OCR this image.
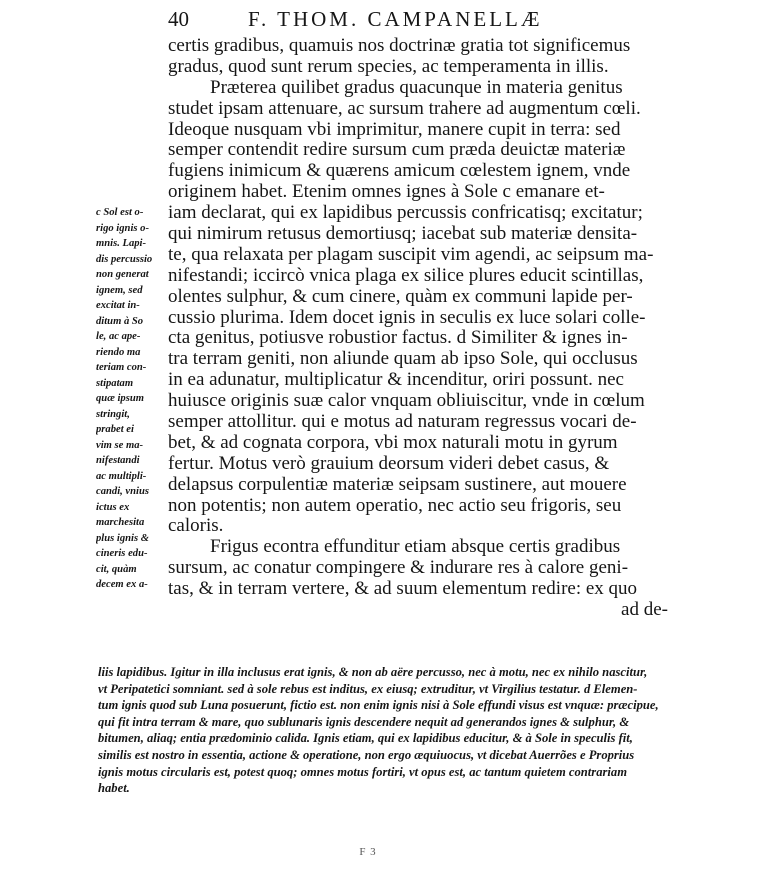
40	F. THOM. CAMPANELLÆ
certis gradibus, quamuis nos doctrinæ gratia tot significemus
gradus, quod sunt rerum species, ac temperamenta in illis.
Præterea quilibet gradus quacunque in materia genitus
studet ipsam attenuare, ac sursum trahere ad augmentum cœli.
Ideoque nusquam vbi imprimitur, manere cupit in terra: sed
semper contendit redire sursum cum præda deuictæ materiæ
fugiens inimicum & quærens amicum cœlestem ignem, vnde
originem habet. Etenim omnes ignes à Sole c emanare et-
iam declarat, qui ex lapidibus percussis confricatisq; excitatur;
qui nimirum retusus demortiusq; iacebat sub materiæ densita-
te, qua relaxata per plagam suscipit vim agendi, ac seipsum ma-
nifestandi; iccircò vnica plaga ex silice plures educit scintillas,
olentes sulphur, & cum cinere, quàm ex communi lapide per-
cussio plurima. Idem docet ignis in seculis ex luce solari colle-
cta genitus, potiusve robustior factus. d Similiter & ignes in-
tra terram geniti, non aliunde quam ab ipso Sole, qui occlusus
in ea adunatur, multiplicatur & incenditur, oriri possunt. nec
huiusce originis suæ calor vnquam obliuiscitur, vnde in cœlum
semper attollitur. qui e motus ad naturam regressus vocari de-
bet, & ad cognata corpora, vbi mox naturali motu in gyrum
fertur. Motus verò grauium deorsum videri debet casus, &
delapsus corpulentiæ materiæ seipsam sustinere, aut mouere
non potentis; non autem operatio, nec actio seu frigoris, seu
caloris.
Frigus econtra effunditur etiam absque certis gradibus
sursum, ac conatur compingere & indurare res à calore geni-
tas, & in terram vertere, & ad suum elementum redire: ex quo
ad de-
c Sol est o-
rigo ignis o-
mnis. Lapi-
dis percussio
non generat
ignem, sed
excitat in-
ditum à So
le, ac ape-
riendo ma
teriam con-
stipatam
quæ ipsum
stringit,
prabet ei
vim se ma-
nifestandi
ac multipli-
candi, vnius
ictus ex
marchesita
plus ignis &
cineris edu-
cit, quàm
decem ex a-
liis lapidibus. Igitur in illa inclusus erat ignis, & non ab aëre percusso, nec à motu, nec ex nihilo nascitur,
vt Peripatetici somniant. sed à sole rebus est inditus, ex eiusq; extruditur, vt Virgilius testatur. d Elemen-
tum ignis quod sub Luna posuerunt, fictio est. non enim ignis nisi à Sole effundi visus est vnquæ: præcipue,
qui fit intra terram & mare, quo sublunaris ignis descendere nequit ad generandos ignes & sulphur, &
bitumen, aliaq; entia prædominio calida. Ignis etiam, qui ex lapidibus educitur, & à Sole in speculis fit,
similis est nostro in essentia, actione & operatione, non ergo æquiuocus, vt dicebat Auerrões e Proprius
ignis motus circularis est, potest quoq; omnes motus fortiri, vt opus est, ac tantum quietem contrariam
habet.
F 3
